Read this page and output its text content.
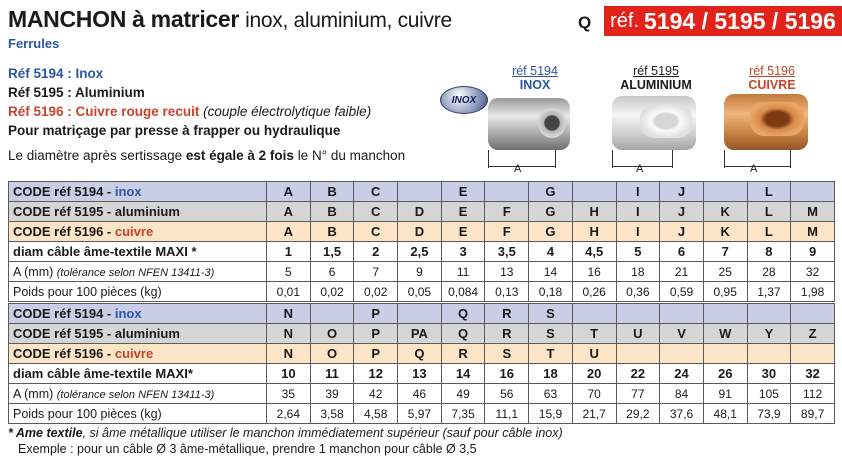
MANCHON à matricer inox, aluminium, cuivre
Ferrules
Q réf. 5194 / 5195 / 5196
Réf 5194 : Inox
Réf 5195 : Aluminium
Réf 5196 : Cuivre rouge recuit (couple électrolytique faible)
Pour matriçage par presse à frapper ou hydraulique
Le diamètre après sertissage est égale à 2 fois le N° du manchon
réf 5194
INOX
réf 5195
ALUMINIUM
réf 5196
CUIVRE
INOX
A	A	A
CODE réf 5194 - inox	A	B	C		E		G		I	J		L	
CODE réf 5195 - aluminium	A	B	C	D	E	F	G	H	I	J	K	L	M
CODE réf 5196 - cuivre	A	B	C	D	E	F	G	H	I	J	K	L	M
diam câble âme-textile MAXI *	1	1,5	2	2,5	3	3,5	4	4,5	5	6	7	8	9
A (mm) (tolérance selon NFEN 13411-3)	5	6	7	9	11	13	14	16	18	21	25	28	32
Poids pour 100 pièces (kg)	0,01	0,02	0,02	0,05	0,084	0,13	0,18	0,26	0,36	0,59	0,95	1,37	1,98
CODE réf 5194 - inox	N		P		Q	R	S						
CODE réf 5195 - aluminium	N	O	P	PA	Q	R	S	T	U	V	W	Y	Z
CODE réf 5196 - cuivre	N	O	P	Q	R	S	T	U					
diam câble âme-textile MAXI*	10	11	12	13	14	16	18	20	22	24	26	30	32
A (mm) (tolérance selon NFEN 13411-3)	35	39	42	46	49	56	63	70	77	84	91	105	112
Poids pour 100 pièces (kg)	2,64	3,58	4,58	5,97	7,35	11,1	15,9	21,7	29,2	37,6	48,1	73,9	89,7
* Ame textile, si âme métallique utiliser le manchon immédiatement supérieur (sauf pour câble inox)
Exemple : pour un câble Ø 3 âme-métallique, prendre 1 manchon pour câble Ø 3,5
